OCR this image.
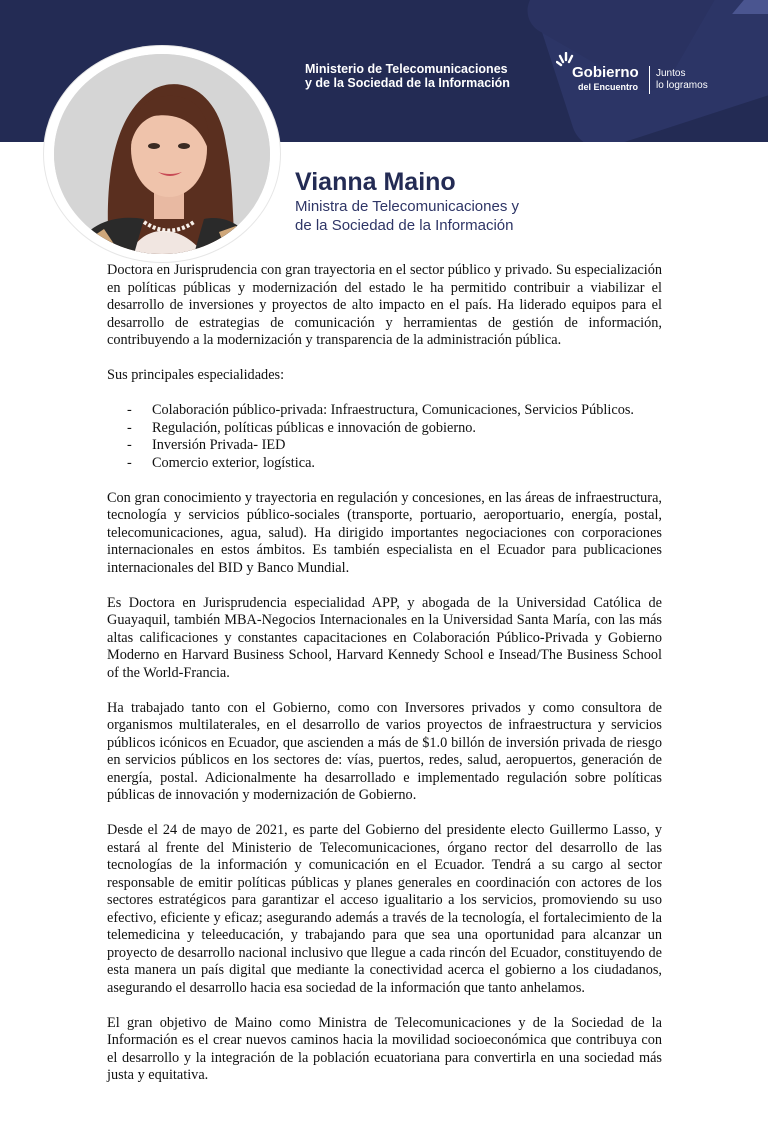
Ministerio de Telecomunicaciones
y de la Sociedad de la Información
Gobierno
del Encuentro
Juntos
lo logramos
Vianna Maino
Ministra de Telecomunicaciones y
de la Sociedad de la Información

Doctora en Jurisprudencia con gran trayectoria en el sector público y privado. Su especialización en políticas públicas y modernización del estado le ha permitido contribuir a viabilizar el desarrollo de inversiones y proyectos de alto impacto en el país. Ha liderado equipos para el desarrollo de estrategias de comunicación y herramientas de gestión de información, contribuyendo a la modernización y transparencia de la administración pública.

Sus principales especialidades:

- Colaboración público-privada: Infraestructura, Comunicaciones, Servicios Públicos.
- Regulación, políticas públicas e innovación de gobierno.
- Inversión Privada- IED
- Comercio exterior, logística.

Con gran conocimiento y trayectoria en regulación y concesiones, en las áreas de infraestructura, tecnología y servicios público-sociales (transporte, portuario, aeroportuario, energía, postal, telecomunicaciones, agua, salud). Ha dirigido importantes negociaciones con corporaciones internacionales en estos ámbitos. Es también especialista en el Ecuador para publicaciones internacionales del BID y Banco Mundial.

Es Doctora en Jurisprudencia especialidad APP, y abogada de la Universidad Católica de Guayaquil, también MBA-Negocios Internacionales en la Universidad Santa María, con las más altas calificaciones y constantes capacitaciones en Colaboración Público-Privada y Gobierno Moderno en Harvard Business School, Harvard Kennedy School e Insead/The Business School of the World-Francia.

Ha trabajado tanto con el Gobierno, como con Inversores privados y como consultora de organismos multilaterales, en el desarrollo de varios proyectos de infraestructura y servicios públicos icónicos en Ecuador, que ascienden a más de $1.0 billón de inversión privada de riesgo en servicios públicos en los sectores de: vías, puertos, redes, salud, aeropuertos, generación de energía, postal. Adicionalmente ha desarrollado e implementado regulación sobre políticas públicas de innovación y modernización de Gobierno.

Desde el 24 de mayo de 2021, es parte del Gobierno del presidente electo Guillermo Lasso, y estará al frente del Ministerio de Telecomunicaciones, órgano rector del desarrollo de las tecnologías de la información y comunicación en el Ecuador. Tendrá a su cargo al sector responsable de emitir políticas públicas y planes generales en coordinación con actores de los sectores estratégicos para garantizar el acceso igualitario a los servicios, promoviendo su uso efectivo, eficiente y eficaz; asegurando además a través de la tecnología, el fortalecimiento de la telemedicina y teleeducación, y trabajando para que sea una oportunidad para alcanzar un proyecto de desarrollo nacional inclusivo que llegue a cada rincón del Ecuador, constituyendo de esta manera un país digital que mediante la conectividad acerca el gobierno a los ciudadanos, asegurando el desarrollo hacia esa sociedad de la información que tanto anhelamos.

El gran objetivo de Maino como Ministra de Telecomunicaciones y de la Sociedad de la Información es el crear nuevos caminos hacia la movilidad socioeconómica que contribuya con el desarrollo y la integración de la población ecuatoriana para convertirla en una sociedad más justa y equitativa.
